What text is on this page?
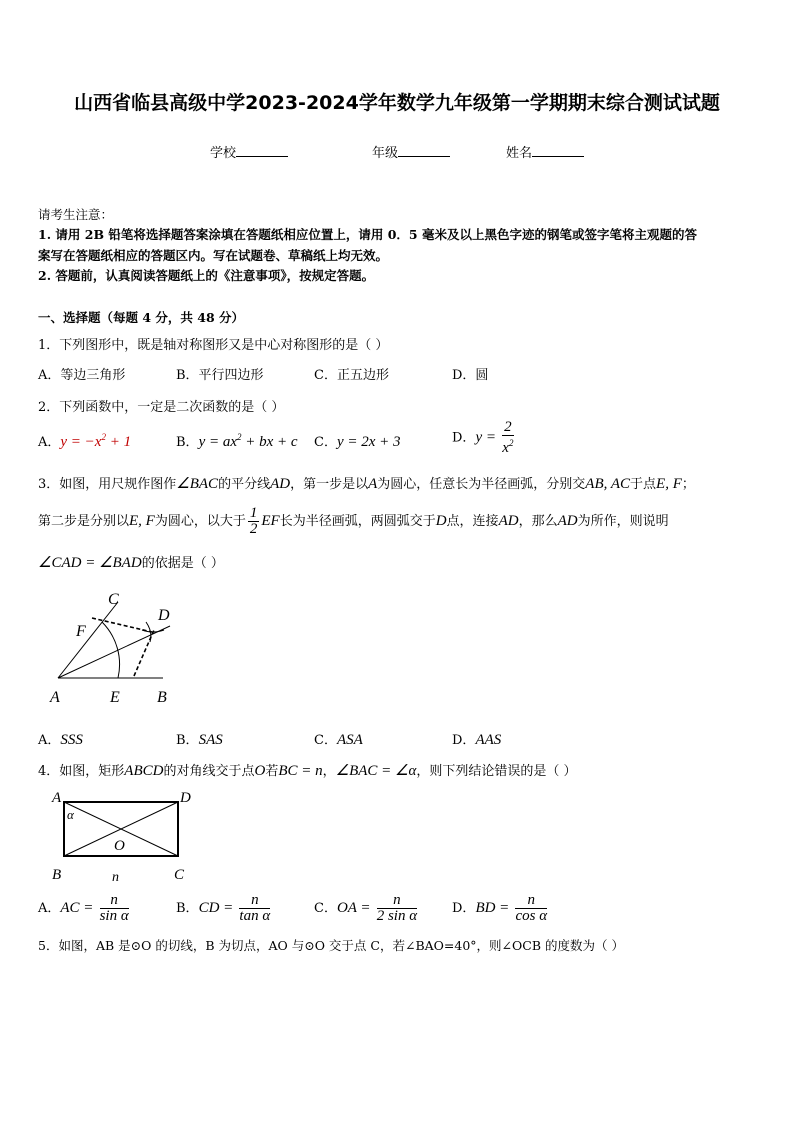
山西省临县高级中学2023-2024学年数学九年级第一学期期末综合测试试题
学校	年级	姓名
请考生注意：
1. 请用 2B 铅笔将选择题答案涂填在答题纸相应位置上，请用 0．5 毫米及以上黑色字迹的钢笔或签字笔将主观题的答
案写在答题纸相应的答题区内。写在试题卷、草稿纸上均无效。
2. 答题前，认真阅读答题纸上的《注意事项》，按规定答题。
一、选择题（每题 4 分，共 48 分）
1．下列图形中，既是轴对称图形又是中心对称图形的是（ ）
A．等边三角形	B．平行四边形	C．正五边形	D．圆
2．下列函数中，一定是二次函数的是（ ）
A．$y = -x^2 + 1$	B．$y = ax^2$ + bx + c C．y = 2x + 3	D．$y = \frac{2}{x^2}$
3．如图，用尺规作图作∠BAC的平分线AD，第一步是以A为圆心，任意长为半径画弧，分别交AB, AC于点E, F；
第二步是分别以E, F为圆心，以大于 $\frac{1}{2}$ EF长为半径画弧，两圆弧交于D点，连接AD，那么AD为所作，则说明
∠CAD = ∠BAD的依据是（ ）
C
D
F
A	E B
A．SSS	B．SAS	C．ASA	D．AAS
4．如图，矩形ABCD的对角线交于点O若BC = n，∠BAC = ∠α，则下列结论错误的是（ ）
A	D
B	C
O
n
α
A．AC = $\frac{n}{\text{sin α}}$	B．CD = $\frac{n}{\text{tan α}}$	C．OA = $\frac{n}{\text{2 sin α}}$	D．BD = $\frac{n}{\text{cos α}}$
5．如图，AB 是⊙O 的切线，B 为切点，AO 与⊙O 交于点 C，若∠BAO=40°，则∠OCB 的度数为（ ）
